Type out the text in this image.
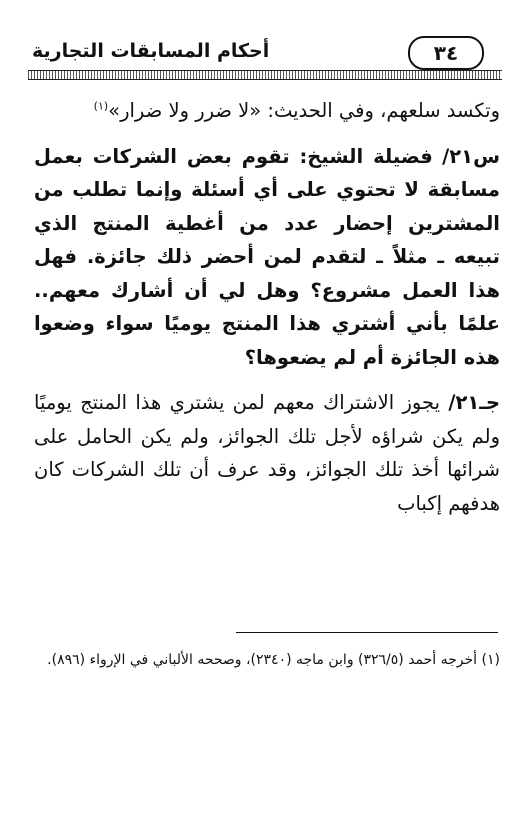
أحكام المسابقات التجارية	٣٤

وتكسد سلعهم، وفي الحديث: «لا ضرر ولا ضرار»$^{(١)}$

س٢١/ فضيلة الشيخ: تقوم بعض الشركات بعمل مسابقة لا تحتوي على أي أسئلة وإنما تطلب من المشترين إحضار عدد من أغطية المنتج الذي تبيعه ـ مثلاً ـ لتقدم لمن أحضر ذلك جائزة. فهل هذا العمل مشروع؟ وهل لي أن أشارك معهم.. علمًا بأني أشتري هذا المنتج يوميًا سواء وضعوا هذه الجائزة أم لم يضعوها؟

جـ٢١/ يجوز الاشتراك معهم لمن يشتري هذا المنتج يوميًا ولم يكن شراؤه لأجل تلك الجوائز، ولم يكن الحامل على شرائها أخذ تلك الجوائز، وقد عرف أن تلك الشركات كان هدفهم إكباب

(١) أخرجه أحمد (٣٢٦/٥) وابن ماجه (٢٣٤٠)، وصححه الألباني في الإرواء (٨٩٦).
